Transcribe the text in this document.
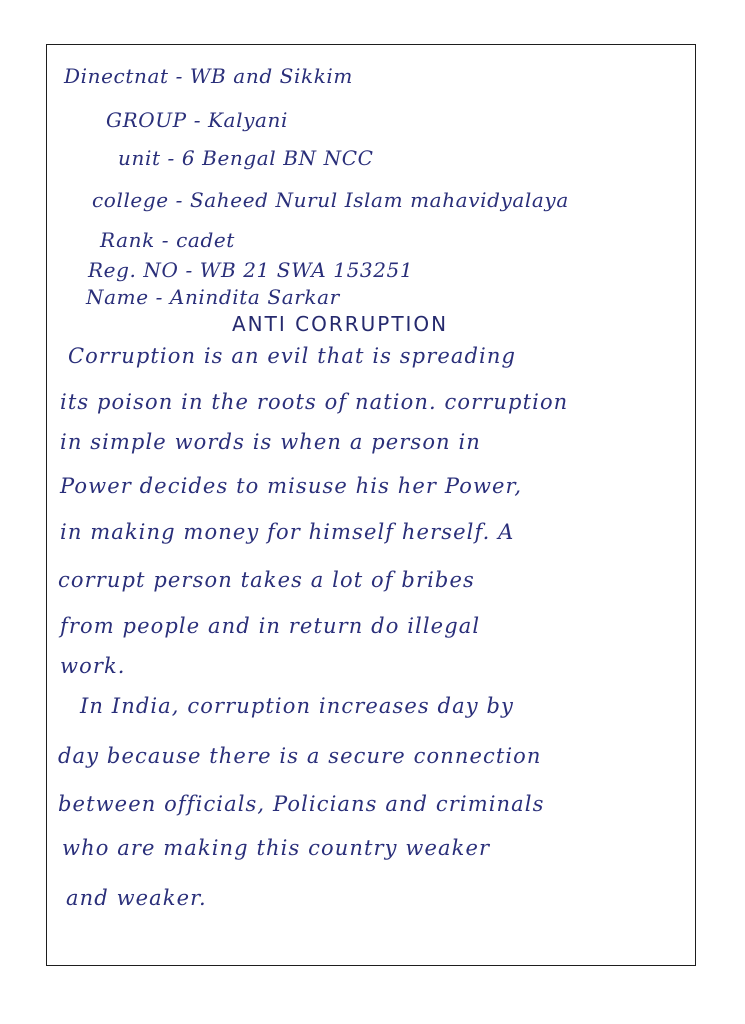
Dinectnat - WB and Sikkim
GROUP - Kalyani
unit - 6 Bengal BN NCC
college - Saheed Nurul Islam mahavidyalaya
Rank - cadet
Reg. NO - WB 21 SWA 153251
Name - Anindita Sarkar
ANTI CORRUPTION
Corruption is an evil that is spreading
its poison in the roots of nation. corruption
in simple words is when a person in
Power decides to misuse his her Power,
in making money for himself herself. A
corrupt person takes a lot of bribes
from people and in return do illegal
work.
In India, corruption increases day by
day because there is a secure connection
between officials, Policians and criminals
who are making this country weaker
and weaker.
